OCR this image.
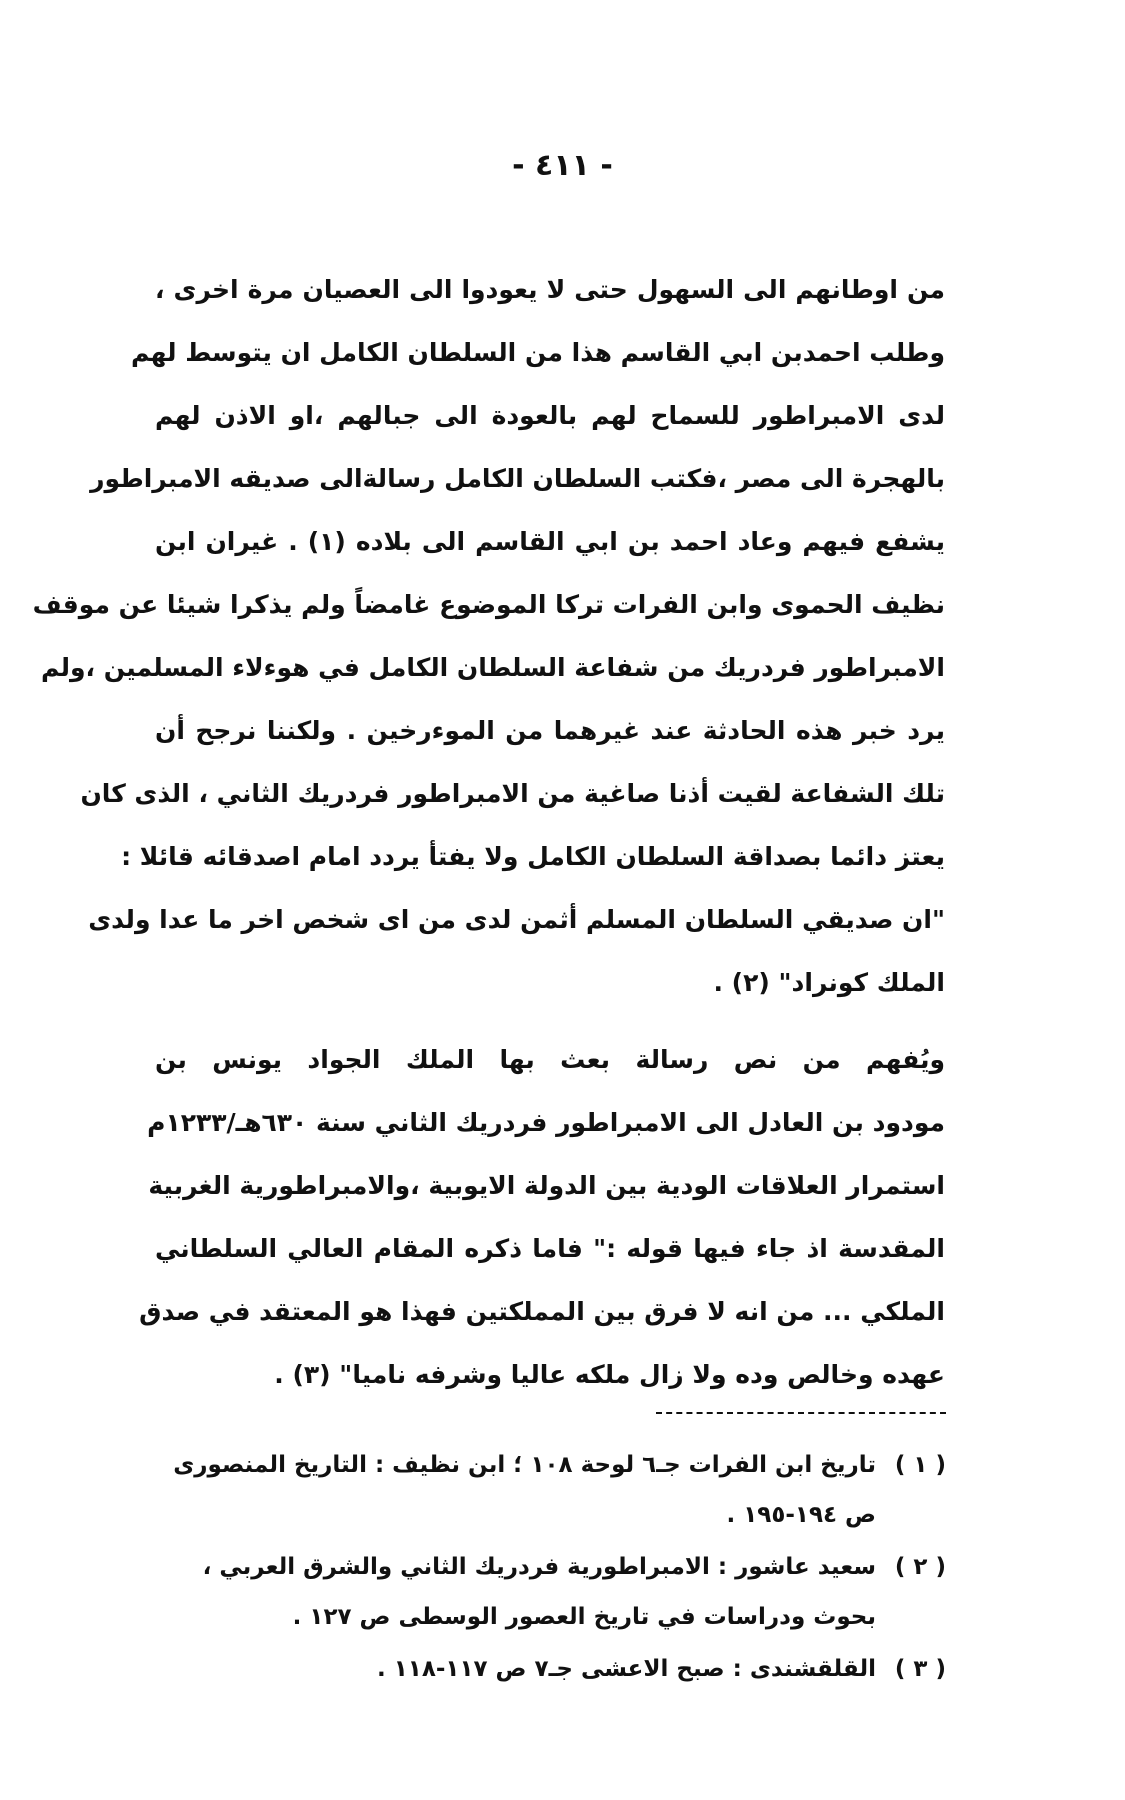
- ٤١١ -
من اوطانهم الى السهول حتى لا يعودوا الى العصيان مرة اخرى ،
وطلب احمدبن ابي القاسم هذا من السلطان الكامل ان يتوسط لهم
لدى الامبراطور للسماح لهم بالعودة الى جبالهم ،او الاذن لهم
بالهجرة الى مصر ،فكتب السلطان الكامل رسالةالى صديقه الامبراطور
يشفع فيهم وعاد احمد بن ابي القاسم الى بلاده (١) . غيران ابن
نظيف الحموى وابن الفرات تركا الموضوع غامضاً ولم يذكرا شيئا عن موقف
الامبراطور فردريك من شفاعة السلطان الكامل في هوءلاء المسلمين ،ولم
يرد خبر هذه الحادثة عند غيرهما من الموءرخين . ولكننا نرجح أن
تلك الشفاعة لقيت أذنا صاغية من الامبراطور فردريك الثاني ، الذى كان
يعتز دائما بصداقة السلطان الكامل ولا يفتأ يردد امام اصدقائه قائلا :
"ان صديقي السلطان المسلم أثمن لدى من اى شخص اخر ما عدا ولدى
الملك كونراد" (٢) .
ويُفهم من نص رسالة بعث بها الملك الجواد يونس بن
مودود بن العادل الى الامبراطور فردريك الثاني سنة ٦٣٠هـ/١٢٣٣م
استمرار العلاقات الودية بين الدولة الايوبية ،والامبراطورية الغربية
المقدسة اذ جاء فيها قوله :" فاما ذكره المقام العالي السلطاني
الملكي ... من انه لا فرق بين المملكتين فهذا هو المعتقد في صدق
عهده وخالص وده ولا زال ملكه عاليا وشرفه ناميا" (٣) .
( ١ )
تاريخ ابن الفرات جـ٦ لوحة ١٠٨ ؛ ابن نظيف : التاريخ المنصورى
ص ١٩٤-١٩٥ .
( ٢ )
سعيد عاشور : الامبراطورية فردريك الثاني والشرق العربي ،
بحوث ودراسات في تاريخ العصور الوسطى ص ١٢٧ .
( ٣ )
القلقشندى : صبح الاعشى جـ٧ ص ١١٧-١١٨ .
